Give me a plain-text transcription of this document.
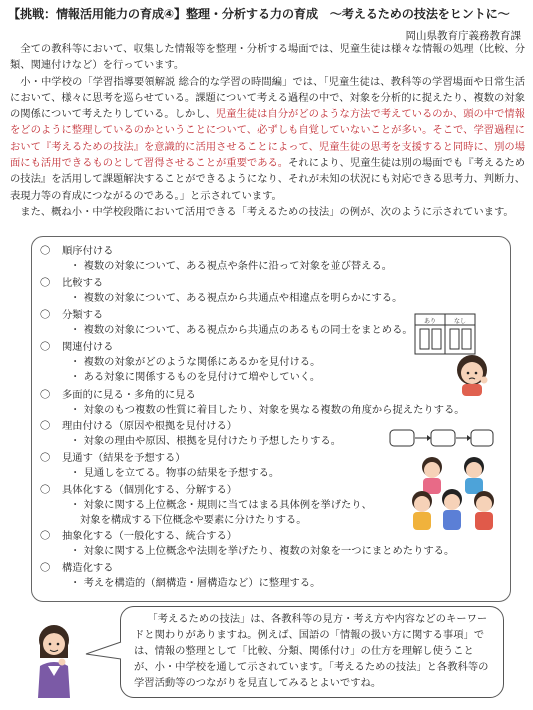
【挑戦：情報活用能力の育成④】整理・分析する力の育成　～考えるための技法をヒントに～
岡山県教育庁義務教育課

全ての教科等において、収集した情報等を整理・分析する場面では、児童生徒は様々な情報の処理（比較、分類、関連付けなど）を行っています。

小・中学校の「学習指導要領解説 総合的な学習の時間編」では、「児童生徒は、教科等の学習場面や日常生活において、様々に思考を巡らせている。課題について考える過程の中で、対象を分析的に捉えたり、複数の対象の関係について考えたりしている。しかし、児童生徒は自分がどのような方法で考えているのか、頭の中で情報をどのように整理しているのかということについて、必ずしも自覚していないことが多い。そこで、学習過程において『考えるための技法』を意識的に活用させることによって、児童生徒の思考を支援すると同時に、別の場面にも活用できるものとして習得させることが重要である。それにより、児童生徒は別の場面でも『考えるための技法』を活用して課題解決することができるようになり、それが未知の状況にも対応できる思考力、判断力、表現力等の育成につながるのである。」と示されています。

また、概ね小・中学校段階において活用できる「考えるための技法」の例が、次のように示されています。

〇 順序付ける
・ 複数の対象について、ある視点や条件に沿って対象を並び替える。
〇 比較する
・ 複数の対象について、ある視点から共通点や相違点を明らかにする。
〇 分類する
・ 複数の対象について、ある視点から共通点のあるもの同士をまとめる。
〇 関連付ける
・ 複数の対象がどのような関係にあるかを見付ける。
・ ある対象に関係するものを見付けて増やしていく。
〇 多面的に見る・多角的に見る
・ 対象のもつ複数の性質に着目したり、対象を異なる複数の角度から捉えたりする。
〇 理由付ける（原因や根拠を見付ける）
・ 対象の理由や原因、根拠を見付けたり予想したりする。
〇 見通す（結果を予想する）
・ 見通しを立てる。物事の結果を予想する。
〇 具体化する（個別化する、分解する）
・ 対象に関する上位概念・規則に当てはまる具体例を挙げたり、
対象を構成する下位概念や要素に分けたりする。
〇 抽象化する（一般化する、統合する）
・ 対象に関する上位概念や法則を挙げたり、複数の対象を一つにまとめたりする。
〇 構造化する
・ 考えを構造的（網構造・層構造など）に整理する。
あり	なし

「考えるための技法」は、各教科等の見方・考え方や内容などのキーワードと関わりがありますね。例えば、国語の「情報の扱い方に関する事項」では、情報の整理として「比較、分類、関係付け」の仕方を理解し使うことが、小・中学校を通して示されています。「考えるための技法」と各教科等の学習活動等のつながりを見直してみるとよいですね。
